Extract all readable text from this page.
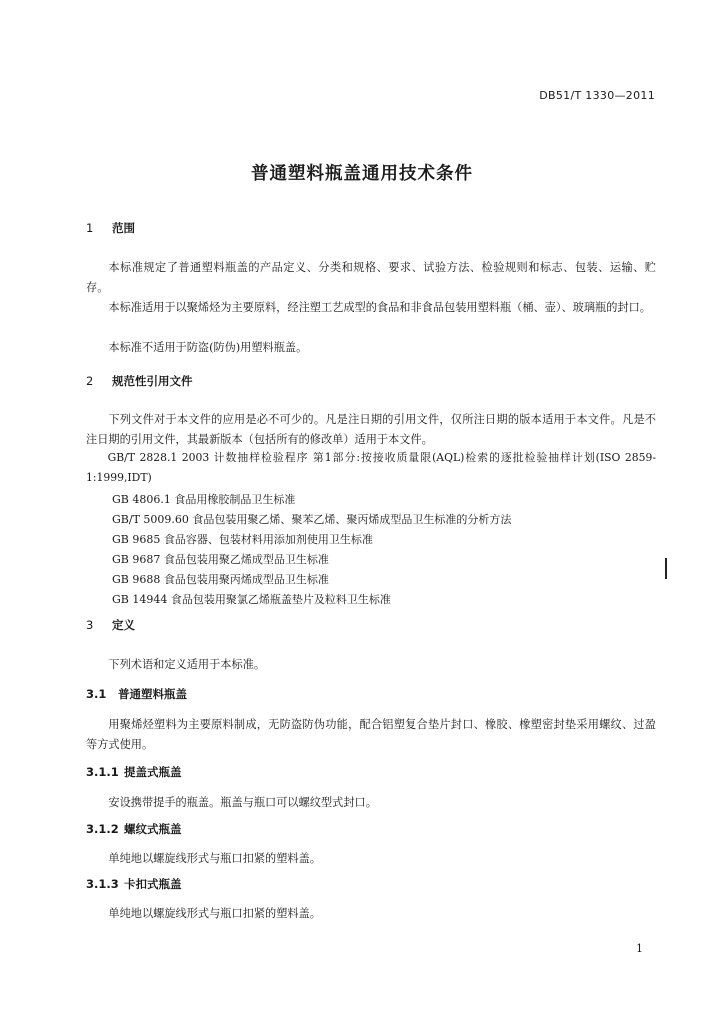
DB51/T 1330—2011
普通塑料瓶盖通用技术条件
1 范围
本标准规定了普通塑料瓶盖的产品定义、分类和规格、要求、试验方法、检验规则和标志、包装、运输、贮存。
本标准适用于以聚烯烃为主要原料，经注塑工艺成型的食品和非食品包装用塑料瓶（桶、壶）、玻璃瓶的封口。
本标准不适用于防盗(防伪)用塑料瓶盖。
2 规范性引用文件
下列文件对于本文件的应用是必不可少的。凡是注日期的引用文件，仅所注日期的版本适用于本文件。凡是不注日期的引用文件，其最新版本（包括所有的修改单）适用于本文件。
GB/T 2828.1 2003 计数抽样检验程序 第1部分:按接收质量限(AQL)检索的逐批检验抽样计划(ISO 2859-1:1999,IDT)
GB 4806.1 食品用橡胶制品卫生标准
GB/T 5009.60 食品包装用聚乙烯、聚苯乙烯、聚丙烯成型品卫生标准的分析方法
GB 9685 食品容器、包装材料用添加剂使用卫生标准
GB 9687 食品包装用聚乙烯成型品卫生标准
GB 9688 食品包装用聚丙烯成型品卫生标准
GB 14944 食品包装用聚氯乙烯瓶盖垫片及粒料卫生标准
3 定义
下列术语和定义适用于本标准。
3.1 普通塑料瓶盖
用聚烯烃塑料为主要原料制成，无防盗防伪功能，配合铝塑复合垫片封口、橡胶、橡塑密封垫采用螺纹、过盈等方式使用。
3.1.1 提盖式瓶盖
安设携带提手的瓶盖。瓶盖与瓶口可以螺纹型式封口。
3.1.2 螺纹式瓶盖
单纯地以螺旋线形式与瓶口扣紧的塑料盖。
3.1.3 卡扣式瓶盖
单纯地以螺旋线形式与瓶口扣紧的塑料盖。
1
